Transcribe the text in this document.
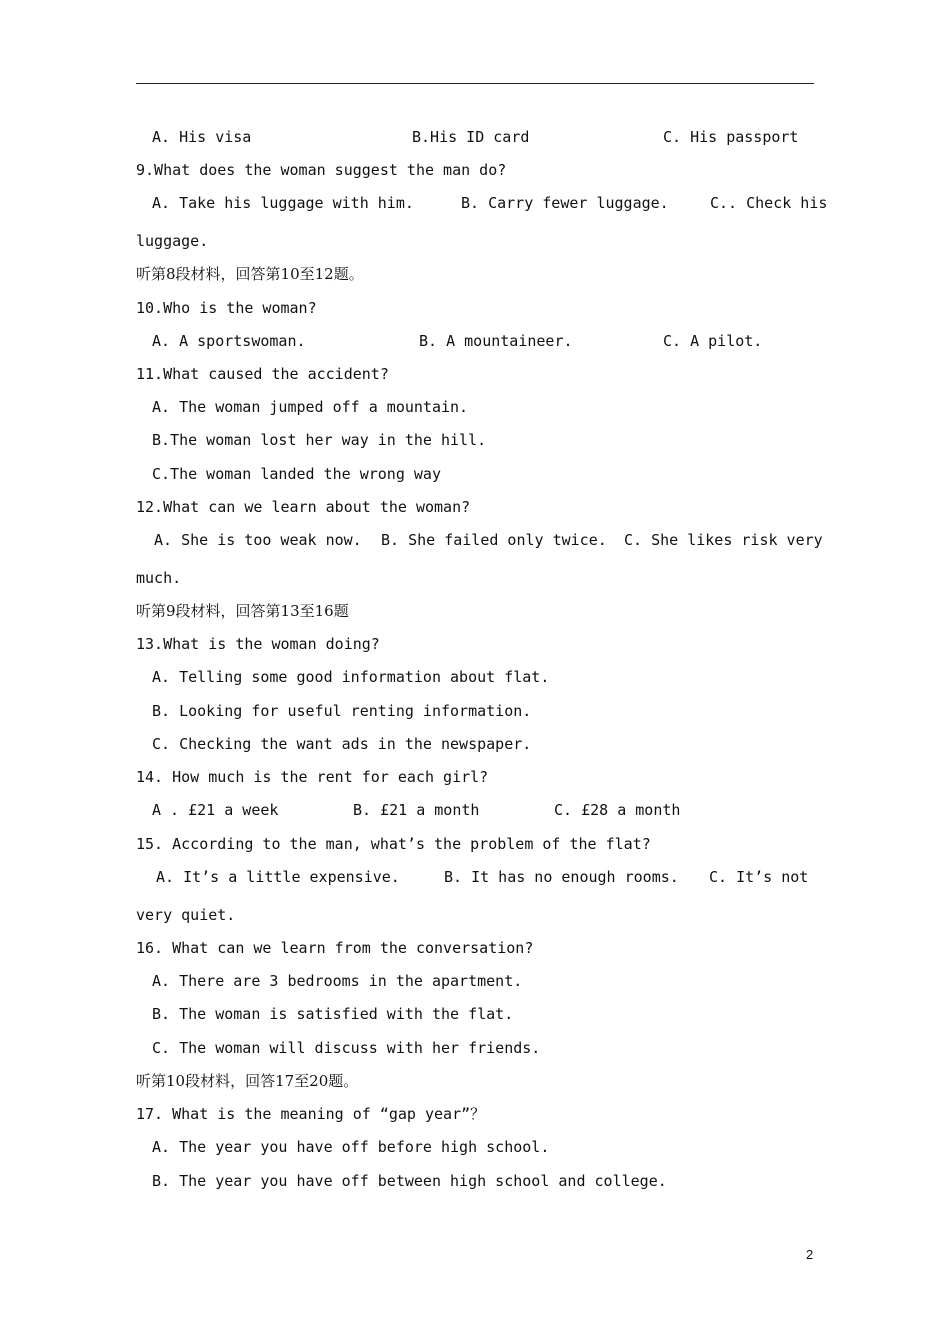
A. His visa

	B.His ID card

	C. His passport

9.What does the woman suggest the man do?

A. Take his luggage with him.

	B. Carry fewer luggage.

	C.. Check his

luggage.
听第8段材料，回答第10至12题。
10.Who is the woman?

A. A sportswoman.

	B. A mountaineer.

	C. A pilot.

11.What caused the accident?
A. The woman jumped off a mountain.
B.The woman lost her way in the hill.
C.The woman landed the wrong way
12.What can we learn about the woman?

A. She is too weak now.

B. She failed only twice.

C. She likes risk very

much.
听第9段材料，回答第13至16题
13.What is the woman doing?
A. Telling some good information about flat.
B. Looking for useful renting information.
C. Checking the want ads in the newspaper.
14. How much is the rent for each girl?

A . £21 a week

	B. £21 a month

	C. £28 a month

15. According to the man, what’s the problem of the flat?

A. It’s a little expensive.

	B. It has no enough rooms.

C. It’s not

very quiet.
16. What can we learn from the conversation?
A. There are 3 bedrooms in the apartment.
B. The woman is satisfied with the flat.
C. The woman will discuss with her friends.
听第10段材料，回答17至20题。
17. What is the meaning of “gap year”？
A. The year you have off before high school.
B. The year you have off between high school and college.
2
